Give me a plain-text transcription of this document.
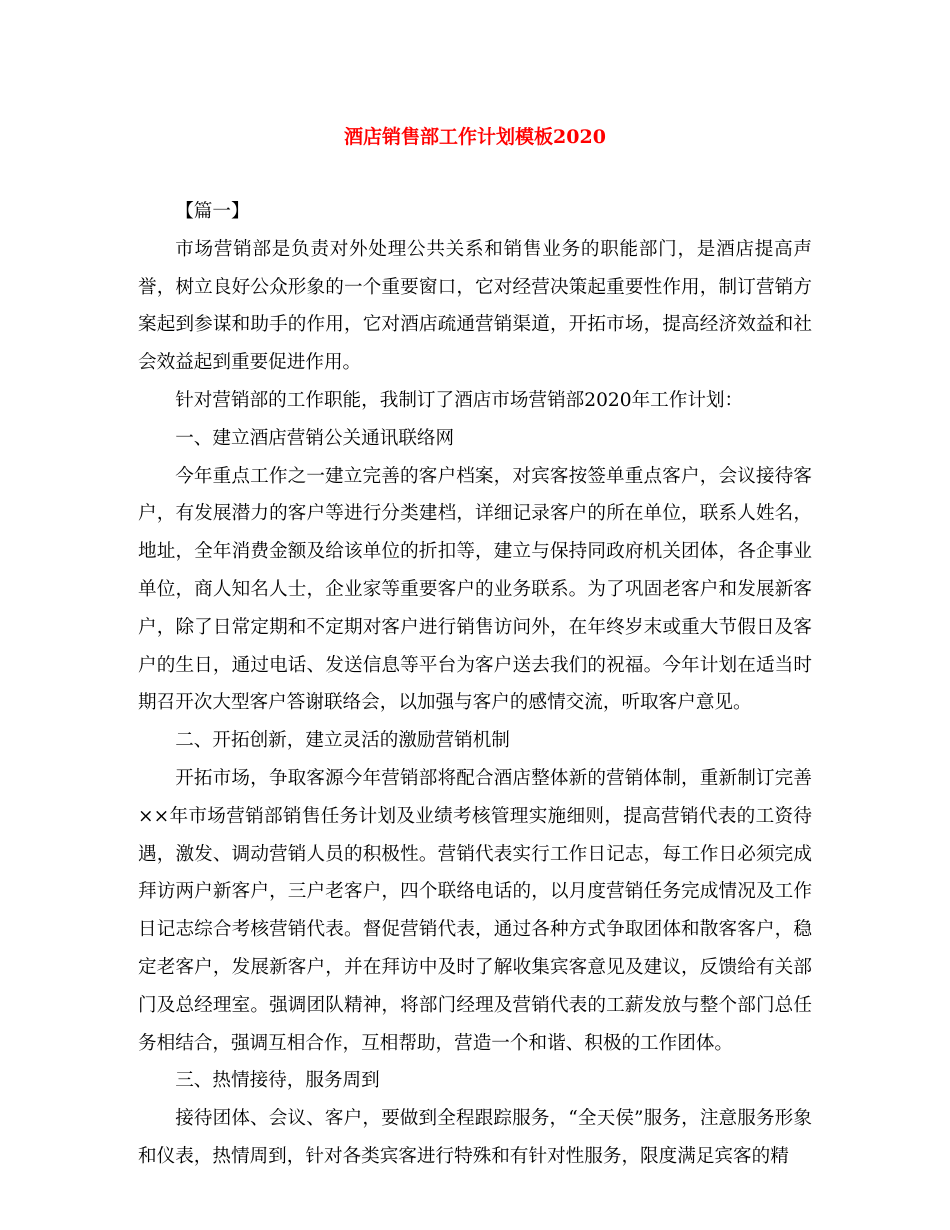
酒店销售部工作计划模板2020

【篇一】

市场营销部是负责对外处理公共关系和销售业务的职能部门，是酒店提高声誉，树立良好公众形象的一个重要窗口，它对经营决策起重要性作用，制订营销方案起到参谋和助手的作用，它对酒店疏通营销渠道，开拓市场，提高经济效益和社会效益起到重要促进作用。

针对营销部的工作职能，我制订了酒店市场营销部2020年工作计划：

一、建立酒店营销公关通讯联络网

今年重点工作之一建立完善的客户档案，对宾客按签单重点客户，会议接待客户，有发展潜力的客户等进行分类建档，详细记录客户的所在单位，联系人姓名，地址，全年消费金额及给该单位的折扣等，建立与保持同政府机关团体，各企事业单位，商人知名人士，企业家等重要客户的业务联系。为了巩固老客户和发展新客户，除了日常定期和不定期对客户进行销售访问外，在年终岁末或重大节假日及客户的生日，通过电话、发送信息等平台为客户送去我们的祝福。今年计划在适当时期召开次大型客户答谢联络会，以加强与客户的感情交流，听取客户意见。

二、开拓创新，建立灵活的激励营销机制

开拓市场，争取客源今年营销部将配合酒店整体新的营销体制，重新制订完善××年市场营销部销售任务计划及业绩考核管理实施细则，提高营销代表的工资待遇，激发、调动营销人员的积极性。营销代表实行工作日记志，每工作日必须完成拜访两户新客户，三户老客户，四个联络电话的，以月度营销任务完成情况及工作日记志综合考核营销代表。督促营销代表，通过各种方式争取团体和散客客户，稳定老客户，发展新客户，并在拜访中及时了解收集宾客意见及建议，反馈给有关部门及总经理室。强调团队精神，将部门经理及营销代表的工薪发放与整个部门总任务相结合，强调互相合作，互相帮助，营造一个和谐、积极的工作团体。

三、热情接待，服务周到

接待团体、会议、客户，要做到全程跟踪服务，“全天侯”服务，注意服务形象和仪表，热情周到，针对各类宾客进行特殊和有针对性服务，限度满足宾客的精
